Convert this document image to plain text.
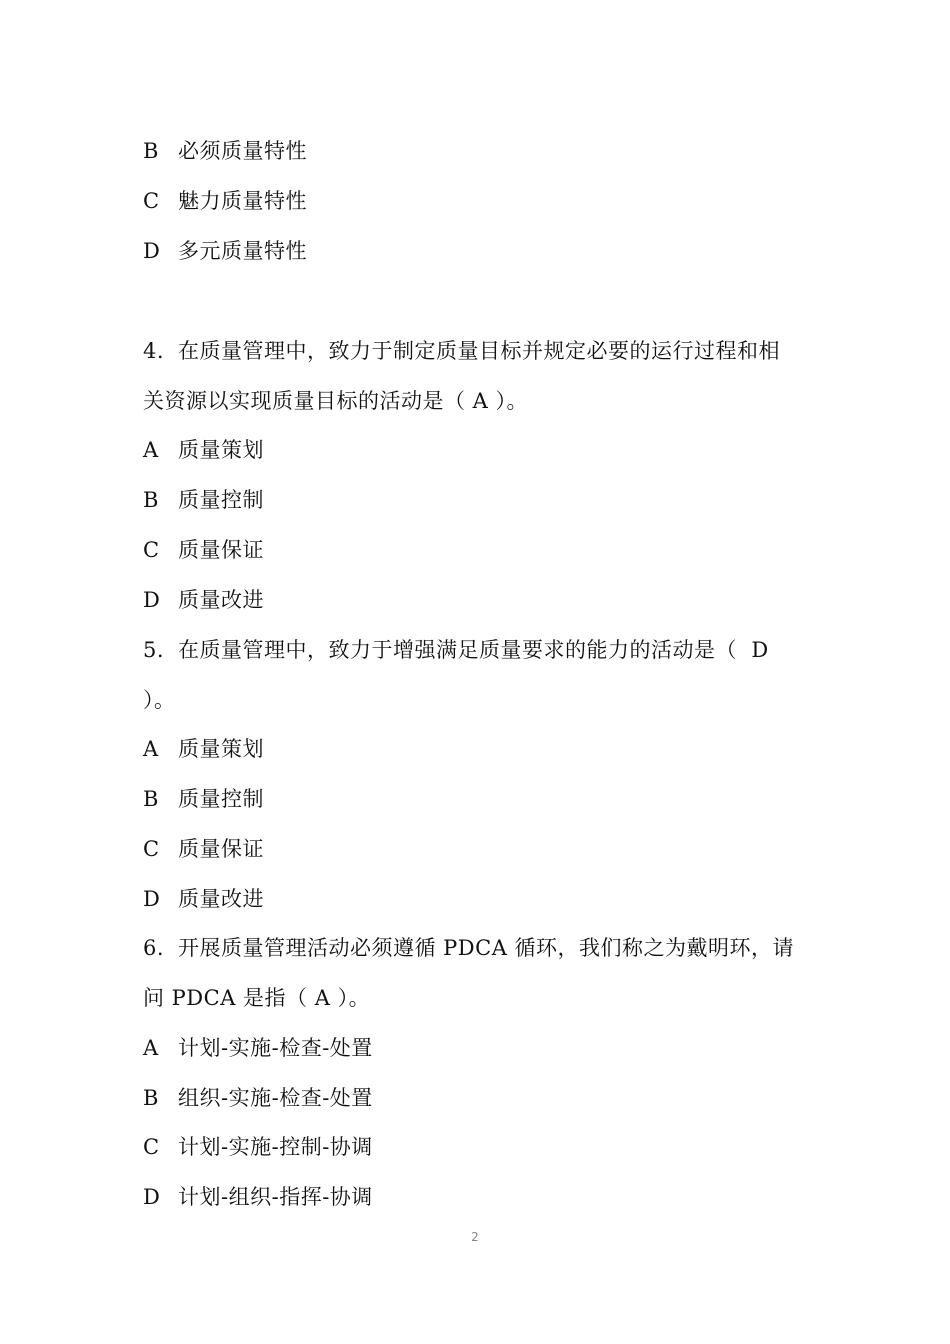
B 必须质量特性
C 魅力质量特性
D 多元质量特性
4. 在质量管理中，致力于制定质量目标并规定必要的运行过程和相
关资源以实现质量目标的活动是（ A ）。
A 质量策划
B 质量控制
C 质量保证
D 质量改进
5. 在质量管理中，致力于增强满足质量要求的能力的活动是（  D
）。
A 质量策划
B 质量控制
C 质量保证
D 质量改进
6. 开展质量管理活动必须遵循 PDCA 循环，我们称之为戴明环，请
问 PDCA 是指（ A ）。
A 计划-实施-检查-处置
B 组织-实施-检查-处置
C 计划-实施-控制-协调
D 计划-组织-指挥-协调
2
